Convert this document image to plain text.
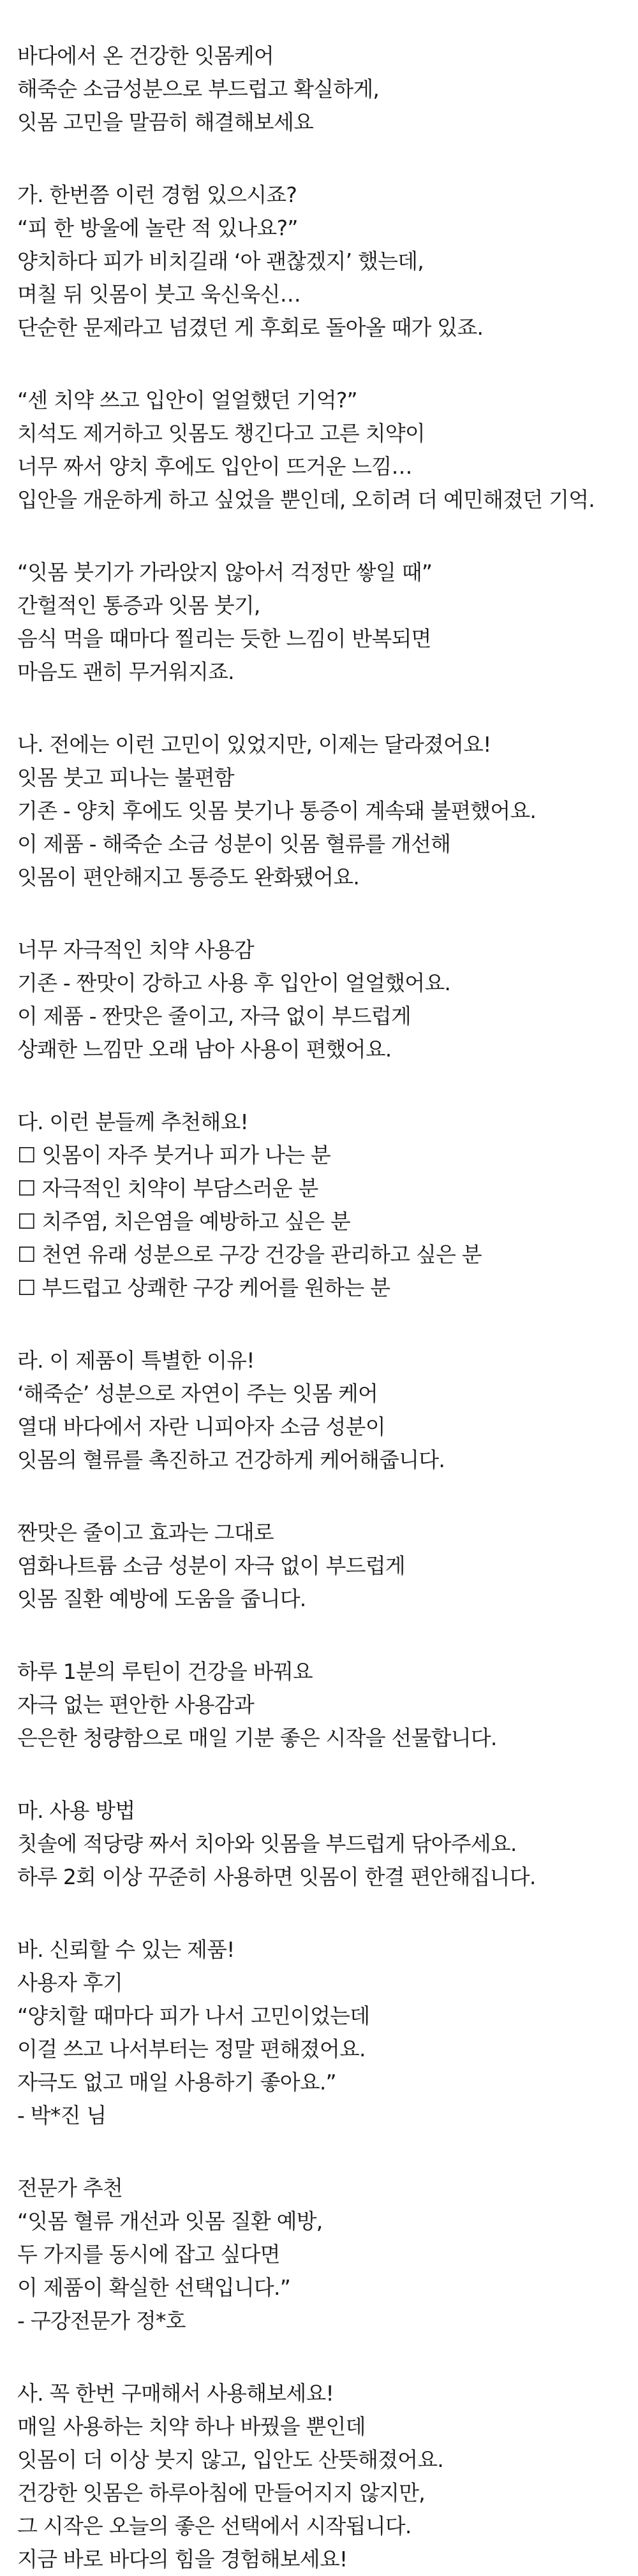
바다에서 온 건강한 잇몸케어
해죽순 소금성분으로 부드럽고 확실하게,
잇몸 고민을 말끔히 해결해보세요
가. 한번쯤 이런 경험 있으시죠?
“피 한 방울에 놀란 적 있나요?”
양치하다 피가 비치길래 ‘아 괜찮겠지’ 했는데,
며칠 뒤 잇몸이 붓고 욱신욱신…
단순한 문제라고 넘겼던 게 후회로 돌아올 때가 있죠.
“센 치약 쓰고 입안이 얼얼했던 기억?”
치석도 제거하고 잇몸도 챙긴다고 고른 치약이
너무 짜서 양치 후에도 입안이 뜨거운 느낌…
입안을 개운하게 하고 싶었을 뿐인데, 오히려 더 예민해졌던 기억.
“잇몸 붓기가 가라앉지 않아서 걱정만 쌓일 때”
간헐적인 통증과 잇몸 붓기,
음식 먹을 때마다 찔리는 듯한 느낌이 반복되면
마음도 괜히 무거워지죠.
나. 전에는 이런 고민이 있었지만, 이제는 달라졌어요!
잇몸 붓고 피나는 불편함
기존 - 양치 후에도 잇몸 붓기나 통증이 계속돼 불편했어요.
이 제품 - 해죽순 소금 성분이 잇몸 혈류를 개선해
잇몸이 편안해지고 통증도 완화됐어요.
너무 자극적인 치약 사용감
기존 - 짠맛이 강하고 사용 후 입안이 얼얼했어요.
이 제품 - 짠맛은 줄이고, 자극 없이 부드럽게
상쾌한 느낌만 오래 남아 사용이 편했어요.
다. 이런 분들께 추천해요!
☐ 잇몸이 자주 붓거나 피가 나는 분
☐ 자극적인 치약이 부담스러운 분
☐ 치주염, 치은염을 예방하고 싶은 분
☐ 천연 유래 성분으로 구강 건강을 관리하고 싶은 분
☐ 부드럽고 상쾌한 구강 케어를 원하는 분
라. 이 제품이 특별한 이유!
‘해죽순’ 성분으로 자연이 주는 잇몸 케어
열대 바다에서 자란 니피아자 소금 성분이
잇몸의 혈류를 촉진하고 건강하게 케어해줍니다.
짠맛은 줄이고 효과는 그대로
염화나트륨 소금 성분이 자극 없이 부드럽게
잇몸 질환 예방에 도움을 줍니다.
하루 1분의 루틴이 건강을 바꿔요
자극 없는 편안한 사용감과
은은한 청량함으로 매일 기분 좋은 시작을 선물합니다.
마. 사용 방법
칫솔에 적당량 짜서 치아와 잇몸을 부드럽게 닦아주세요.
하루 2회 이상 꾸준히 사용하면 잇몸이 한결 편안해집니다.
바. 신뢰할 수 있는 제품!
사용자 후기
“양치할 때마다 피가 나서 고민이었는데
이걸 쓰고 나서부터는 정말 편해졌어요.
자극도 없고 매일 사용하기 좋아요.”
- 박*진 님
전문가 추천
“잇몸 혈류 개선과 잇몸 질환 예방,
두 가지를 동시에 잡고 싶다면
이 제품이 확실한 선택입니다.”
- 구강전문가 정*호
사. 꼭 한번 구매해서 사용해보세요!
매일 사용하는 치약 하나 바꿨을 뿐인데
잇몸이 더 이상 붓지 않고, 입안도 산뜻해졌어요.
건강한 잇몸은 하루아침에 만들어지지 않지만,
그 시작은 오늘의 좋은 선택에서 시작됩니다.
지금 바로 바다의 힘을 경험해보세요!
